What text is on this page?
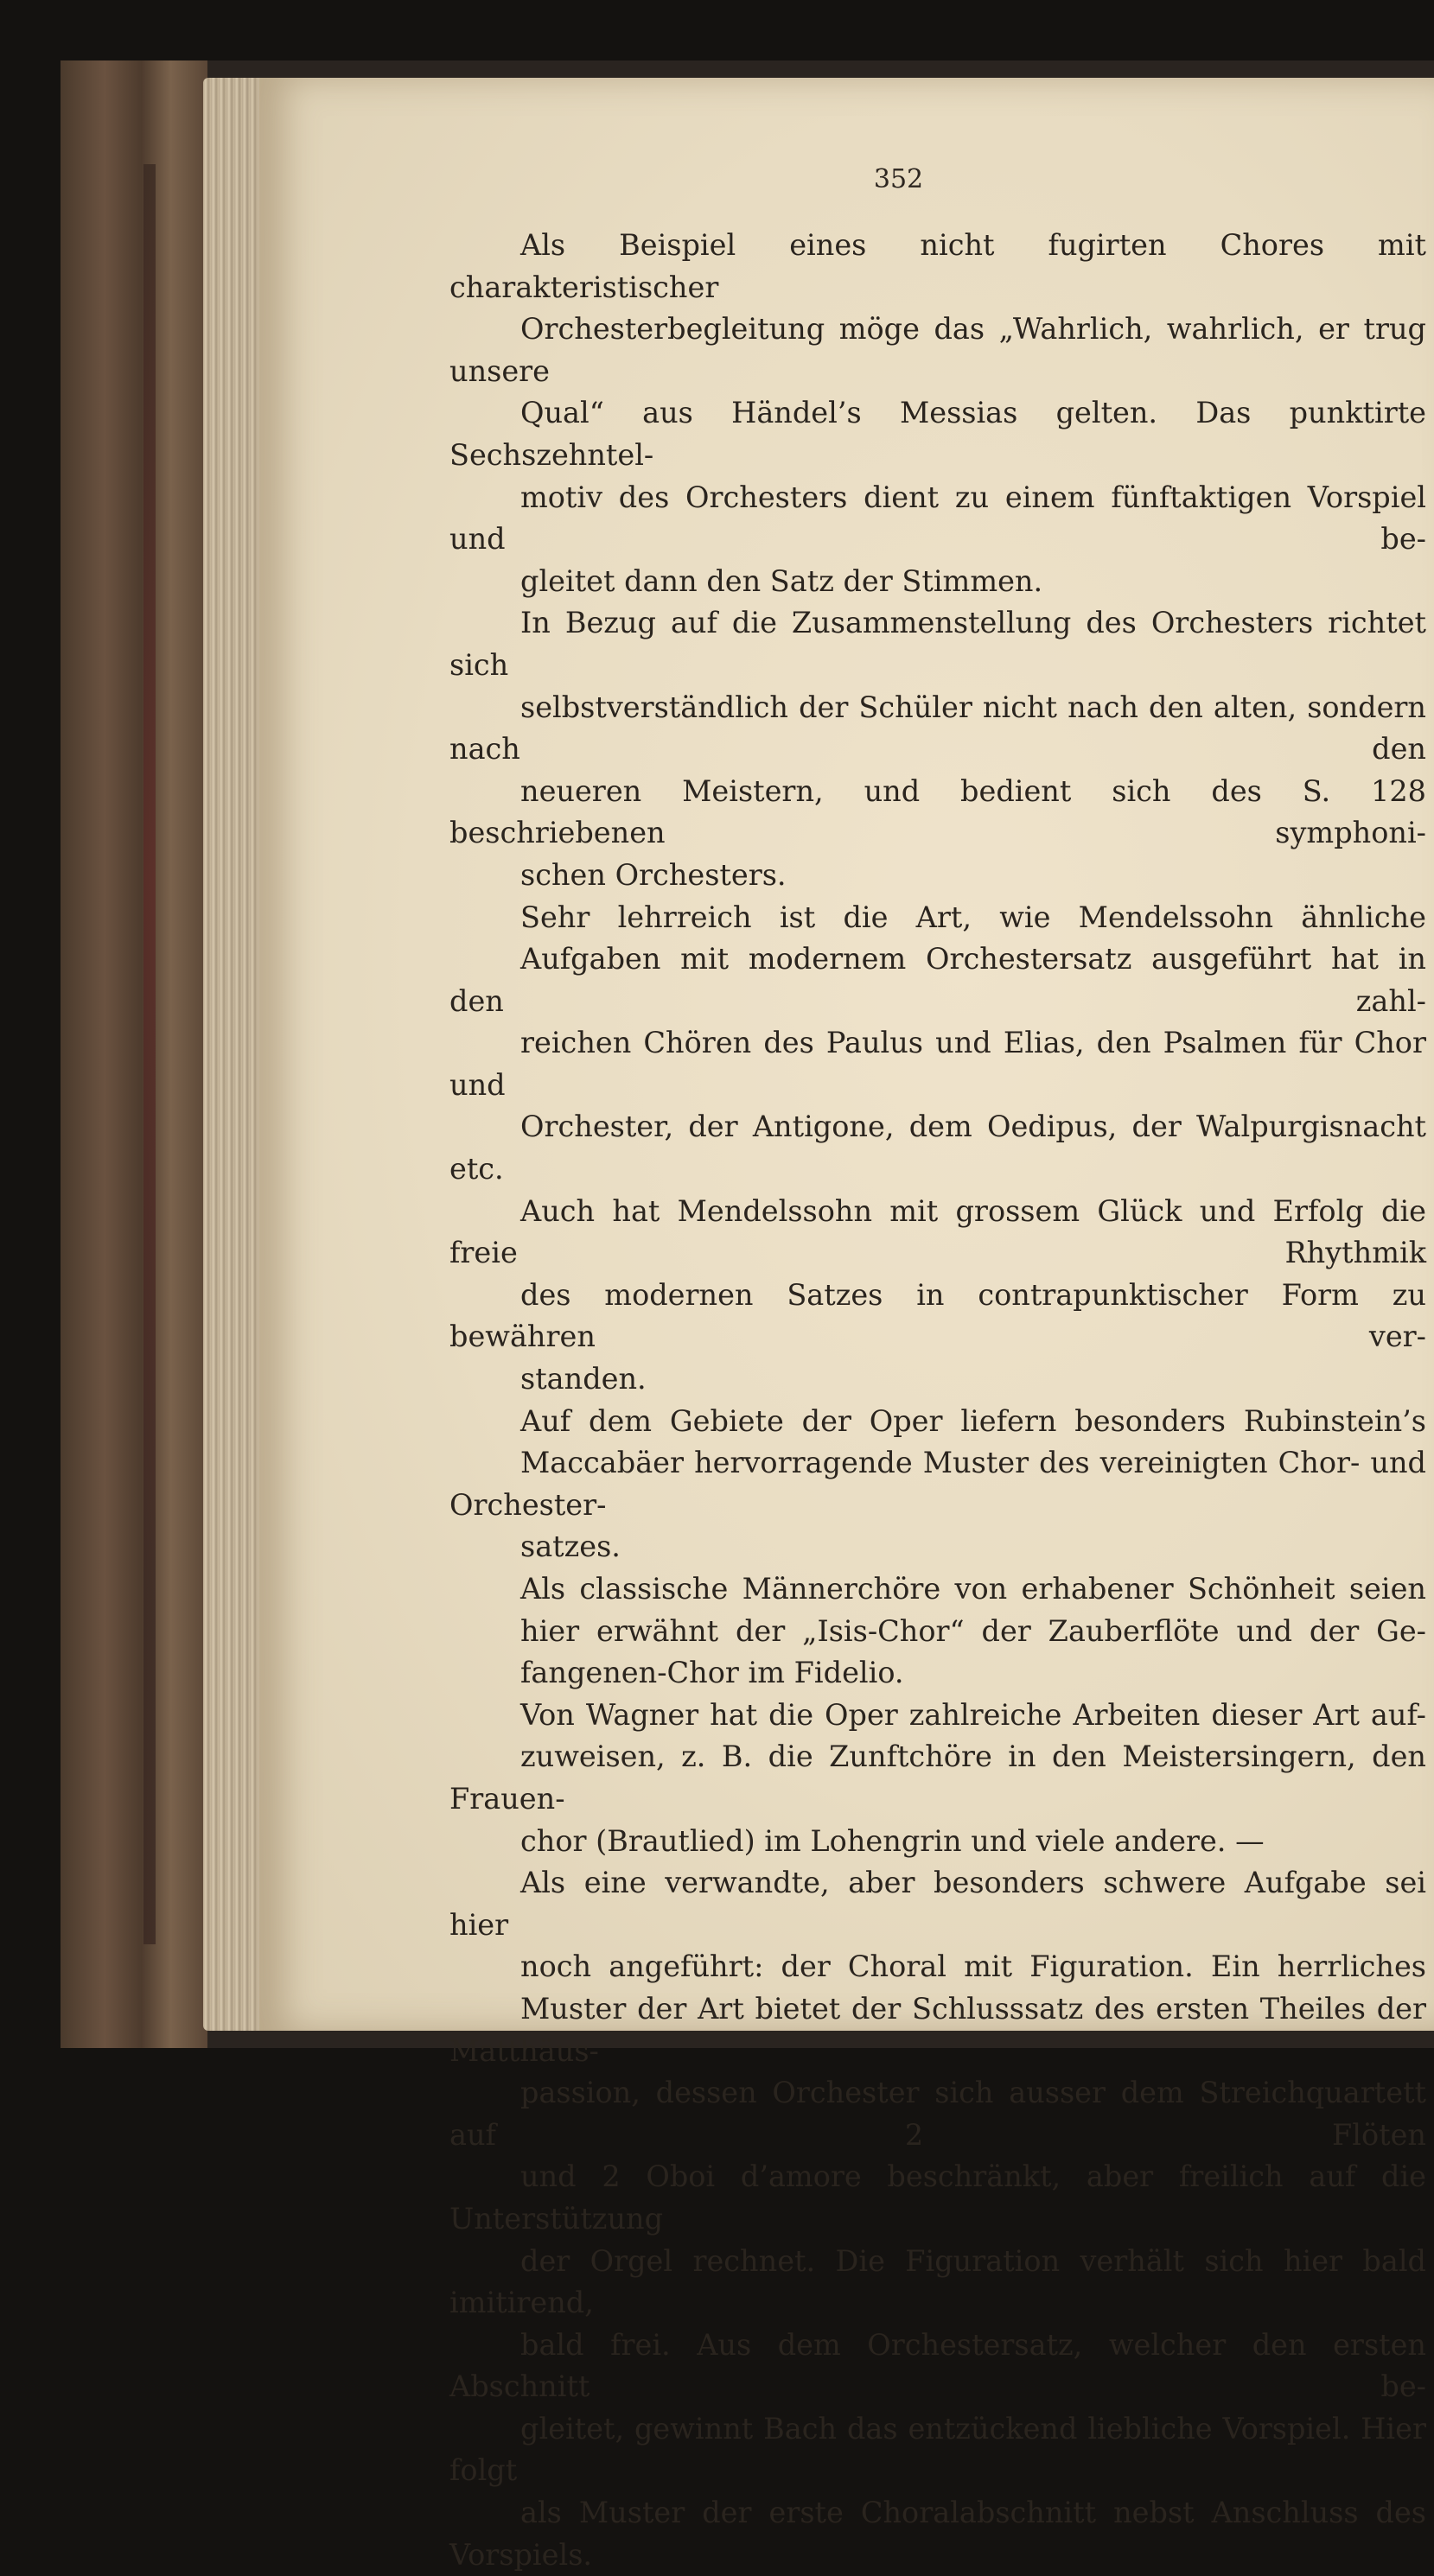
352

Als Beispiel eines nicht fugirten Chores mit charakteristischer
Orchesterbegleitung möge das „Wahrlich, wahrlich, er trug unsere
Qual“ aus Händel’s Messias gelten. Das punktirte Sechszehntel-
motiv des Orchesters dient zu einem fünftaktigen Vorspiel und be-
gleitet dann den Satz der Stimmen.

In Bezug auf die Zusammenstellung des Orchesters richtet sich
selbstverständlich der Schüler nicht nach den alten, sondern nach den
neueren Meistern, und bedient sich des S. 128 beschriebenen symphoni-
schen Orchesters.

Sehr lehrreich ist die Art, wie Mendelssohn ähnliche
Aufgaben mit modernem Orchestersatz ausgeführt hat in den zahl-
reichen Chören des Paulus und Elias, den Psalmen für Chor und
Orchester, der Antigone, dem Oedipus, der Walpurgisnacht etc.
Auch hat Mendelssohn mit grossem Glück und Erfolg die freie Rhythmik
des modernen Satzes in contrapunktischer Form zu bewähren ver-
standen.

Auf dem Gebiete der Oper liefern besonders Rubinstein’s
Maccabäer hervorragende Muster des vereinigten Chor- und Orchester-
satzes.

Als classische Männerchöre von erhabener Schönheit seien
hier erwähnt der „Isis-Chor“ der Zauberflöte und der Ge-
fangenen-Chor im Fidelio.

Von Wagner hat die Oper zahlreiche Arbeiten dieser Art auf-
zuweisen, z. B. die Zunftchöre in den Meistersingern, den Frauen-
chor (Brautlied) im Lohengrin und viele andere. —

Als eine verwandte, aber besonders schwere Aufgabe sei hier
noch angeführt: der Choral mit Figuration. Ein herrliches
Muster der Art bietet der Schlusssatz des ersten Theiles der Matthäus-
passion, dessen Orchester sich ausser dem Streichquartett auf 2 Flöten
und 2 Oboi d’amore beschränkt, aber freilich auf die Unterstützung
der Orgel rechnet. Die Figuration verhält sich hier bald imitirend,
bald frei. Aus dem Orchestersatz, welcher den ersten Abschnitt be-
gleitet, gewinnt Bach das entzückend liebliche Vorspiel. Hier folgt
als Muster der erste Choralabschnitt nebst Anschluss des Vorspiels.
